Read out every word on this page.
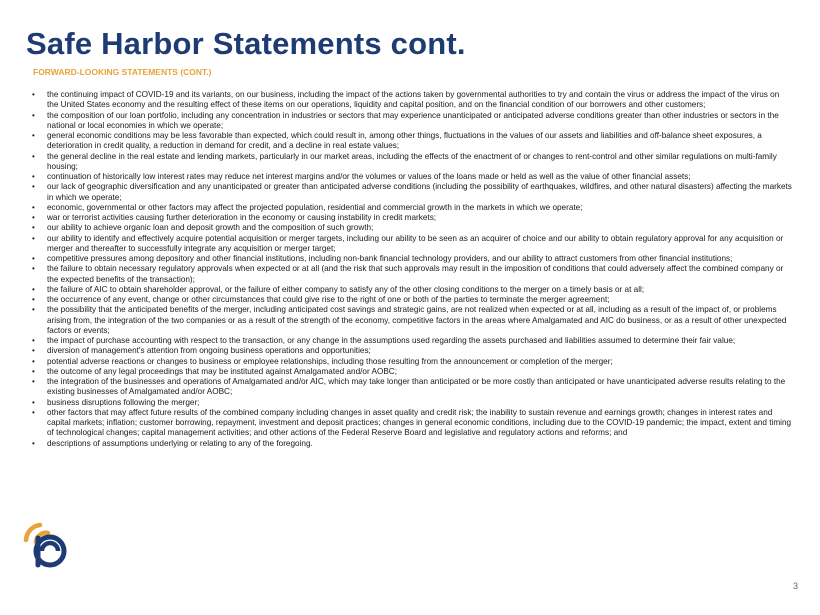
Safe Harbor Statements cont.
FORWARD-LOOKING STATEMENTS (CONT.)
• the continuing impact of COVID-19 and its variants, on our business, including the impact of the actions taken by governmental authorities to try and contain the virus or address the impact of the virus on the United States economy and the resulting effect of these items on our operations, liquidity and capital position, and on the financial condition of our borrowers and other customers;
• the composition of our loan portfolio, including any concentration in industries or sectors that may experience unanticipated or anticipated adverse conditions greater than other industries or sectors in the national or local economies in which we operate;
• general economic conditions may be less favorable than expected, which could result in, among other things, fluctuations in the values of our assets and liabilities and off-balance sheet exposures, a deterioration in credit quality, a reduction in demand for credit, and a decline in real estate values;
• the general decline in the real estate and lending markets, particularly in our market areas, including the effects of the enactment of or changes to rent-control and other similar regulations on multi-family housing;
• continuation of historically low interest rates may reduce net interest margins and/or the volumes or values of the loans made or held as well as the value of other financial assets;
• our lack of geographic diversification and any unanticipated or greater than anticipated adverse conditions (including the possibility of earthquakes, wildfires, and other natural disasters) affecting the markets in which we operate;
• economic, governmental or other factors may affect the projected population, residential and commercial growth in the markets in which we operate;
• war or terrorist activities causing further deterioration in the economy or causing instability in credit markets;
• our ability to achieve organic loan and deposit growth and the composition of such growth;
• our ability to identify and effectively acquire potential acquisition or merger targets, including our ability to be seen as an acquirer of choice and our ability to obtain regulatory approval for any acquisition or merger and thereafter to successfully integrate any acquisition or merger target;
• competitive pressures among depository and other financial institutions, including non-bank financial technology providers, and our ability to attract customers from other financial institutions;
• the failure to obtain necessary regulatory approvals when expected or at all (and the risk that such approvals may result in the imposition of conditions that could adversely affect the combined company or the expected benefits of the transaction);
• the failure of AIC to obtain shareholder approval, or the failure of either company to satisfy any of the other closing conditions to the merger on a timely basis or at all;
• the occurrence of any event, change or other circumstances that could give rise to the right of one or both of the parties to terminate the merger agreement;
• the possibility that the anticipated benefits of the merger, including anticipated cost savings and strategic gains, are not realized when expected or at all, including as a result of the impact of, or problems arising from, the integration of the two companies or as a result of the strength of the economy, competitive factors in the areas where Amalgamated and AIC do business, or as a result of other unexpected factors or events;
• the impact of purchase accounting with respect to the transaction, or any change in the assumptions used regarding the assets purchased and liabilities assumed to determine their fair value;
• diversion of management's attention from ongoing business operations and opportunities;
• potential adverse reactions or changes to business or employee relationships, including those resulting from the announcement or completion of the merger;
• the outcome of any legal proceedings that may be instituted against Amalgamated and/or AOBC;
• the integration of the businesses and operations of Amalgamated and/or AIC, which may take longer than anticipated or be more costly than anticipated or have unanticipated adverse results relating to the existing businesses of Amalgamated and/or AOBC;
• business disruptions following the merger;
• other factors that may affect future results of the combined company including changes in asset quality and credit risk; the inability to sustain revenue and earnings growth; changes in interest rates and capital markets; inflation; customer borrowing, repayment, investment and deposit practices; changes in general economic conditions, including due to the COVID-19 pandemic; the impact, extent and timing of technological changes; capital management activities; and other actions of the Federal Reserve Board and legislative and regulatory actions and reforms; and
• descriptions of assumptions underlying or relating to any of the foregoing.
3
